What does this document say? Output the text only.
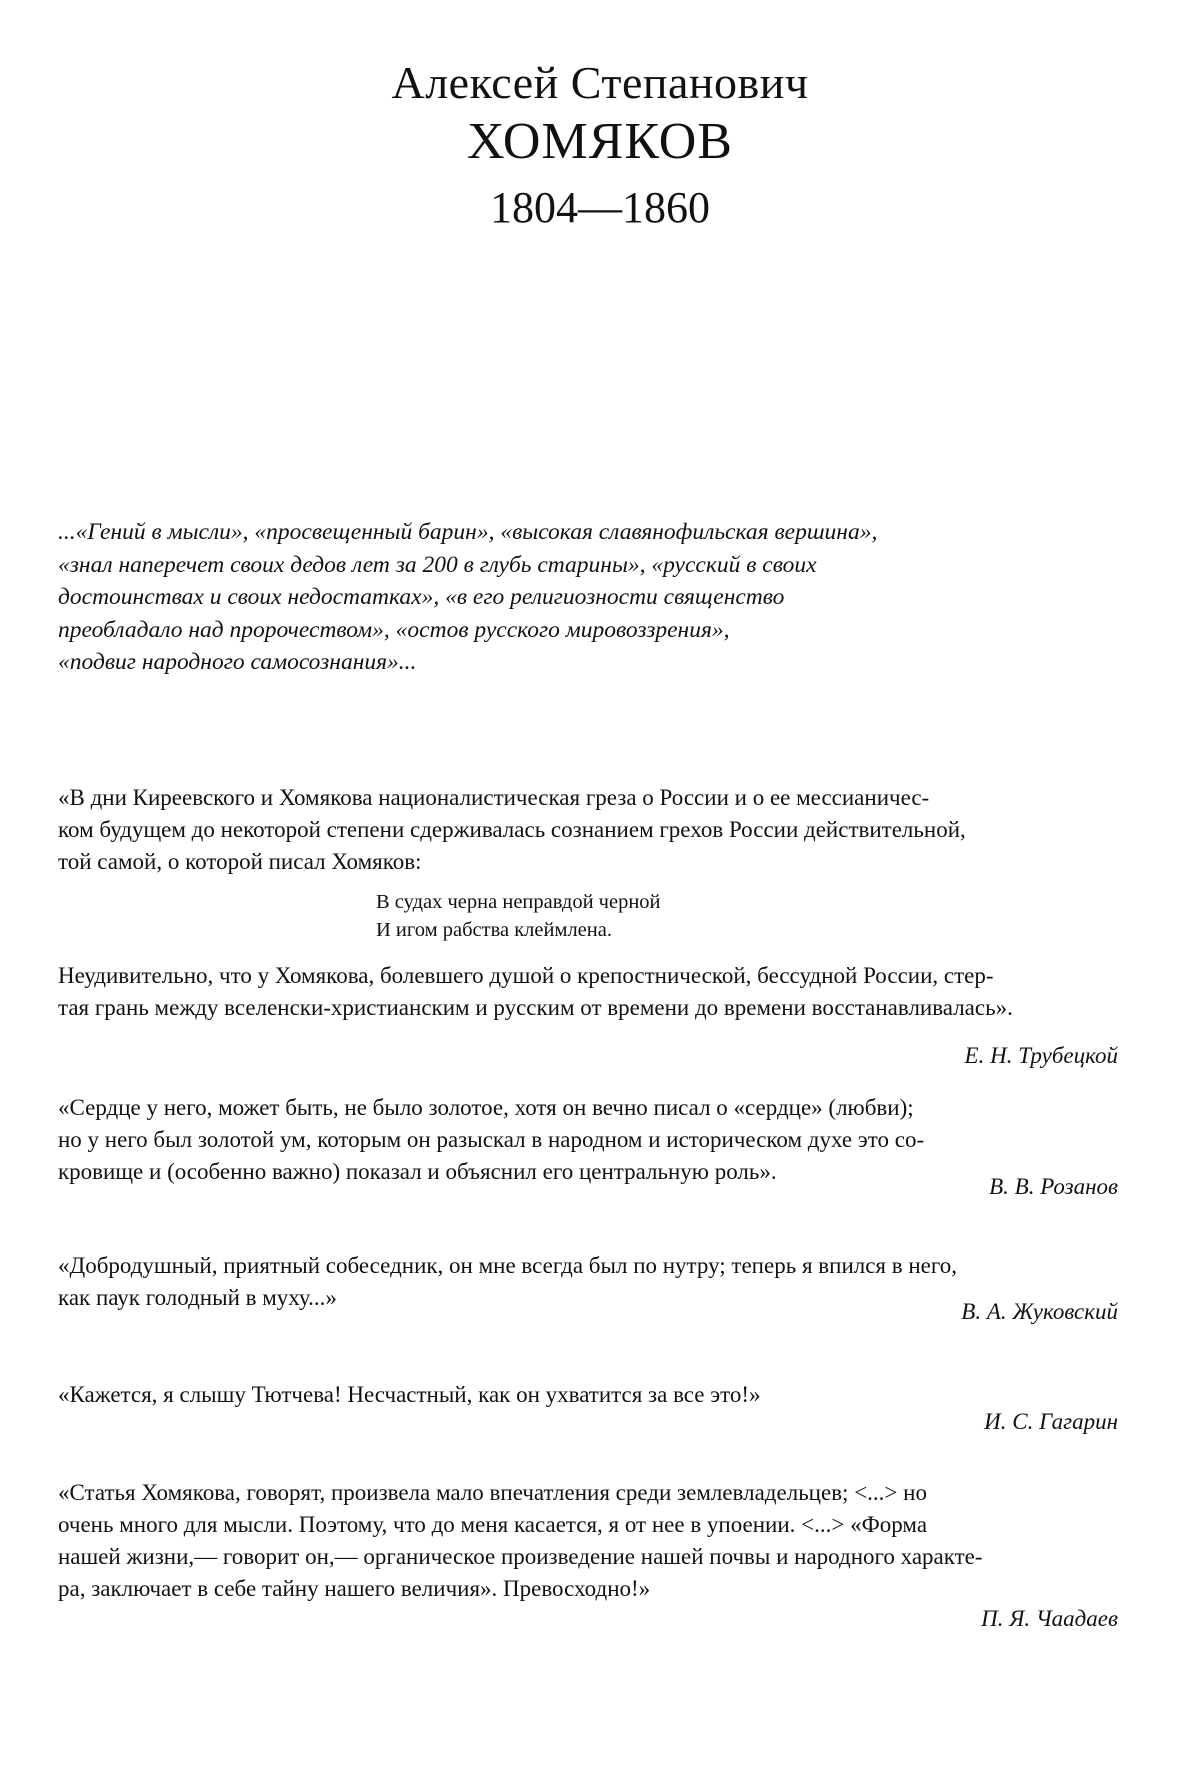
Алексей Степанович
ХОМЯКОВ
1804—1860
...«Гений в мысли», «просвещенный барин», «высокая славянофильская вершина»,
«знал наперечет своих дедов лет за 200 в глубь старины», «русский в своих
достоинствах и своих недостатках», «в его религиозности священство
преобладало над пророчеством», «остов русского мировоззрения»,
«подвиг народного самосознания»...
«В дни Киреевского и Хомякова националистическая греза о России и о ее мессианичес-
ком будущем до некоторой степени сдерживалась сознанием грехов России действительной,
той самой, о которой писал Хомяков:
В судах черна неправдой черной
И игом рабства клеймлена.
Неудивительно, что у Хомякова, болевшего душой о крепостнической, бессудной России, стер-
тая грань между вселенски-христианским и русским от времени до времени восстанавливалась».
Е. Н. Трубецкой
«Сердце у него, может быть, не было золотое, хотя он вечно писал о «сердце» (любви);
но у него был золотой ум, которым он разыскал в народном и историческом духе это со-
кровище и (особенно важно) показал и объяснил его центральную роль».
В. В. Розанов
«Добродушный, приятный собеседник, он мне всегда был по нутру; теперь я впился в него,
как паук голодный в муху...»
В. А. Жуковский
«Кажется, я слышу Тютчева! Несчастный, как он ухватится за все это!»
И. С. Гагарин
«Статья Хомякова, говорят, произвела мало впечатления среди землевладельцев; <...> но
очень много для мысли. Поэтому, что до меня касается, я от нее в упоении. <...> «Форма
нашей жизни,— говорит он,— органическое произведение нашей почвы и народного характе-
ра, заключает в себе тайну нашего величия». Превосходно!»
П. Я. Чаадаев
